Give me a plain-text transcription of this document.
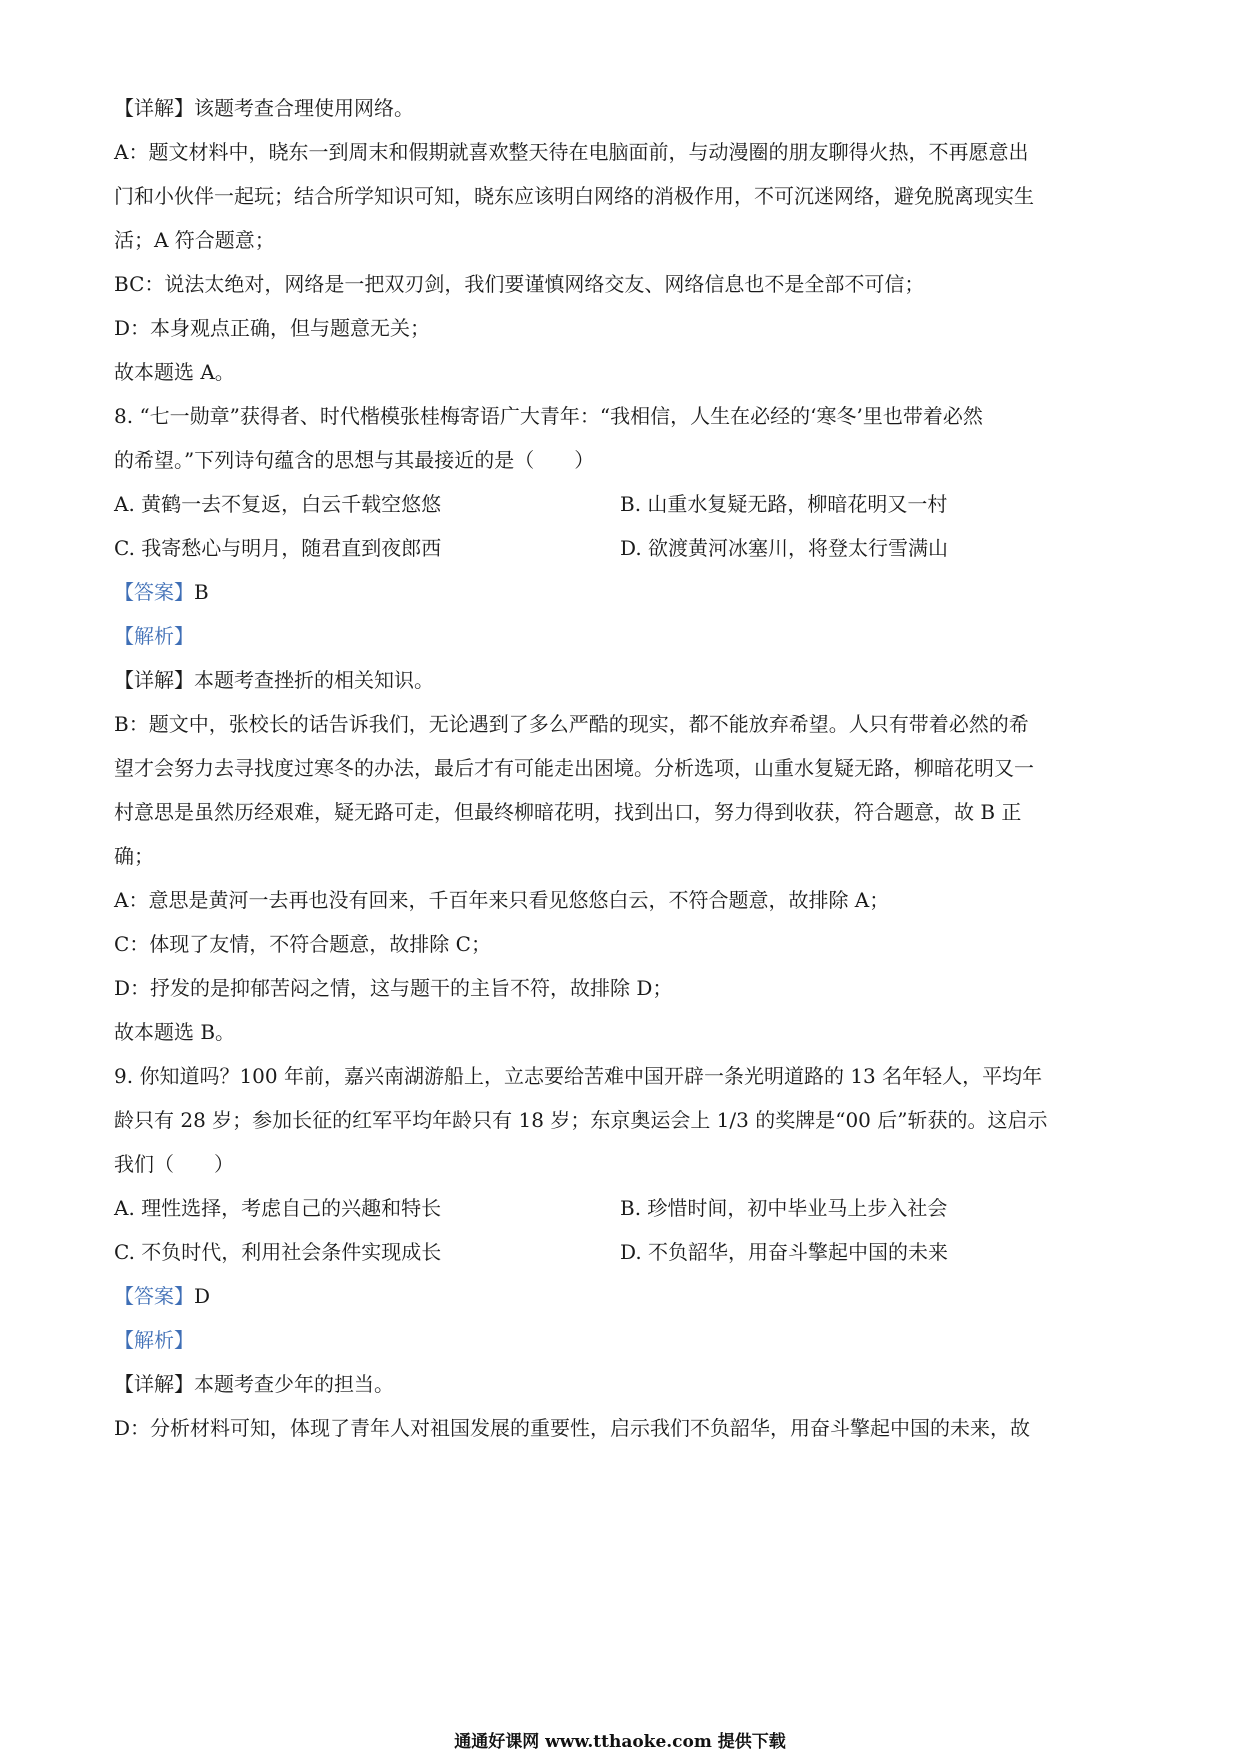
【详解】该题考查合理使用网络。
A：题文材料中，晓东一到周末和假期就喜欢整天待在电脑面前，与动漫圈的朋友聊得火热，不再愿意出
门和小伙伴一起玩；结合所学知识可知，晓东应该明白网络的消极作用，不可沉迷网络，避免脱离现实生
活；A 符合题意；
BC：说法太绝对，网络是一把双刃剑，我们要谨慎网络交友、网络信息也不是全部不可信；
D：本身观点正确，但与题意无关；
故本题选 A。
8. “七一勋章”获得者、时代楷模张桂梅寄语广大青年：“我相信，人生在必经的‘寒冬’里也带着必然
的希望。”下列诗句蕴含的思想与其最接近的是（　　）
A. 黄鹤一去不复返，白云千载空悠悠	B. 山重水复疑无路，柳暗花明又一村
C. 我寄愁心与明月，随君直到夜郎西	D. 欲渡黄河冰塞川，将登太行雪满山
【答案】B
【解析】
【详解】本题考查挫折的相关知识。
B：题文中，张校长的话告诉我们，无论遇到了多么严酷的现实，都不能放弃希望。人只有带着必然的希
望才会努力去寻找度过寒冬的办法，最后才有可能走出困境。分析选项，山重水复疑无路，柳暗花明又一
村意思是虽然历经艰难，疑无路可走，但最终柳暗花明，找到出口，努力得到收获，符合题意，故 B 正
确；
A：意思是黄河一去再也没有回来，千百年来只看见悠悠白云，不符合题意，故排除 A；
C：体现了友情，不符合题意，故排除 C；
D：抒发的是抑郁苦闷之情，这与题干的主旨不符，故排除 D；
故本题选 B。
9. 你知道吗？100 年前，嘉兴南湖游船上，立志要给苦难中国开辟一条光明道路的 13 名年轻人，平均年
龄只有 28 岁；参加长征的红军平均年龄只有 18 岁；东京奥运会上 1/3 的奖牌是“00 后”斩获的。这启示
我们（　　）
A. 理性选择，考虑自己的兴趣和特长	B. 珍惜时间，初中毕业马上步入社会
C. 不负时代，利用社会条件实现成长	D. 不负韶华，用奋斗擎起中国的未来
【答案】D
【解析】
【详解】本题考查少年的担当。
D：分析材料可知，体现了青年人对祖国发展的重要性，启示我们不负韶华，用奋斗擎起中国的未来，故
通通好课网 www.tthaoke.com 提供下载
